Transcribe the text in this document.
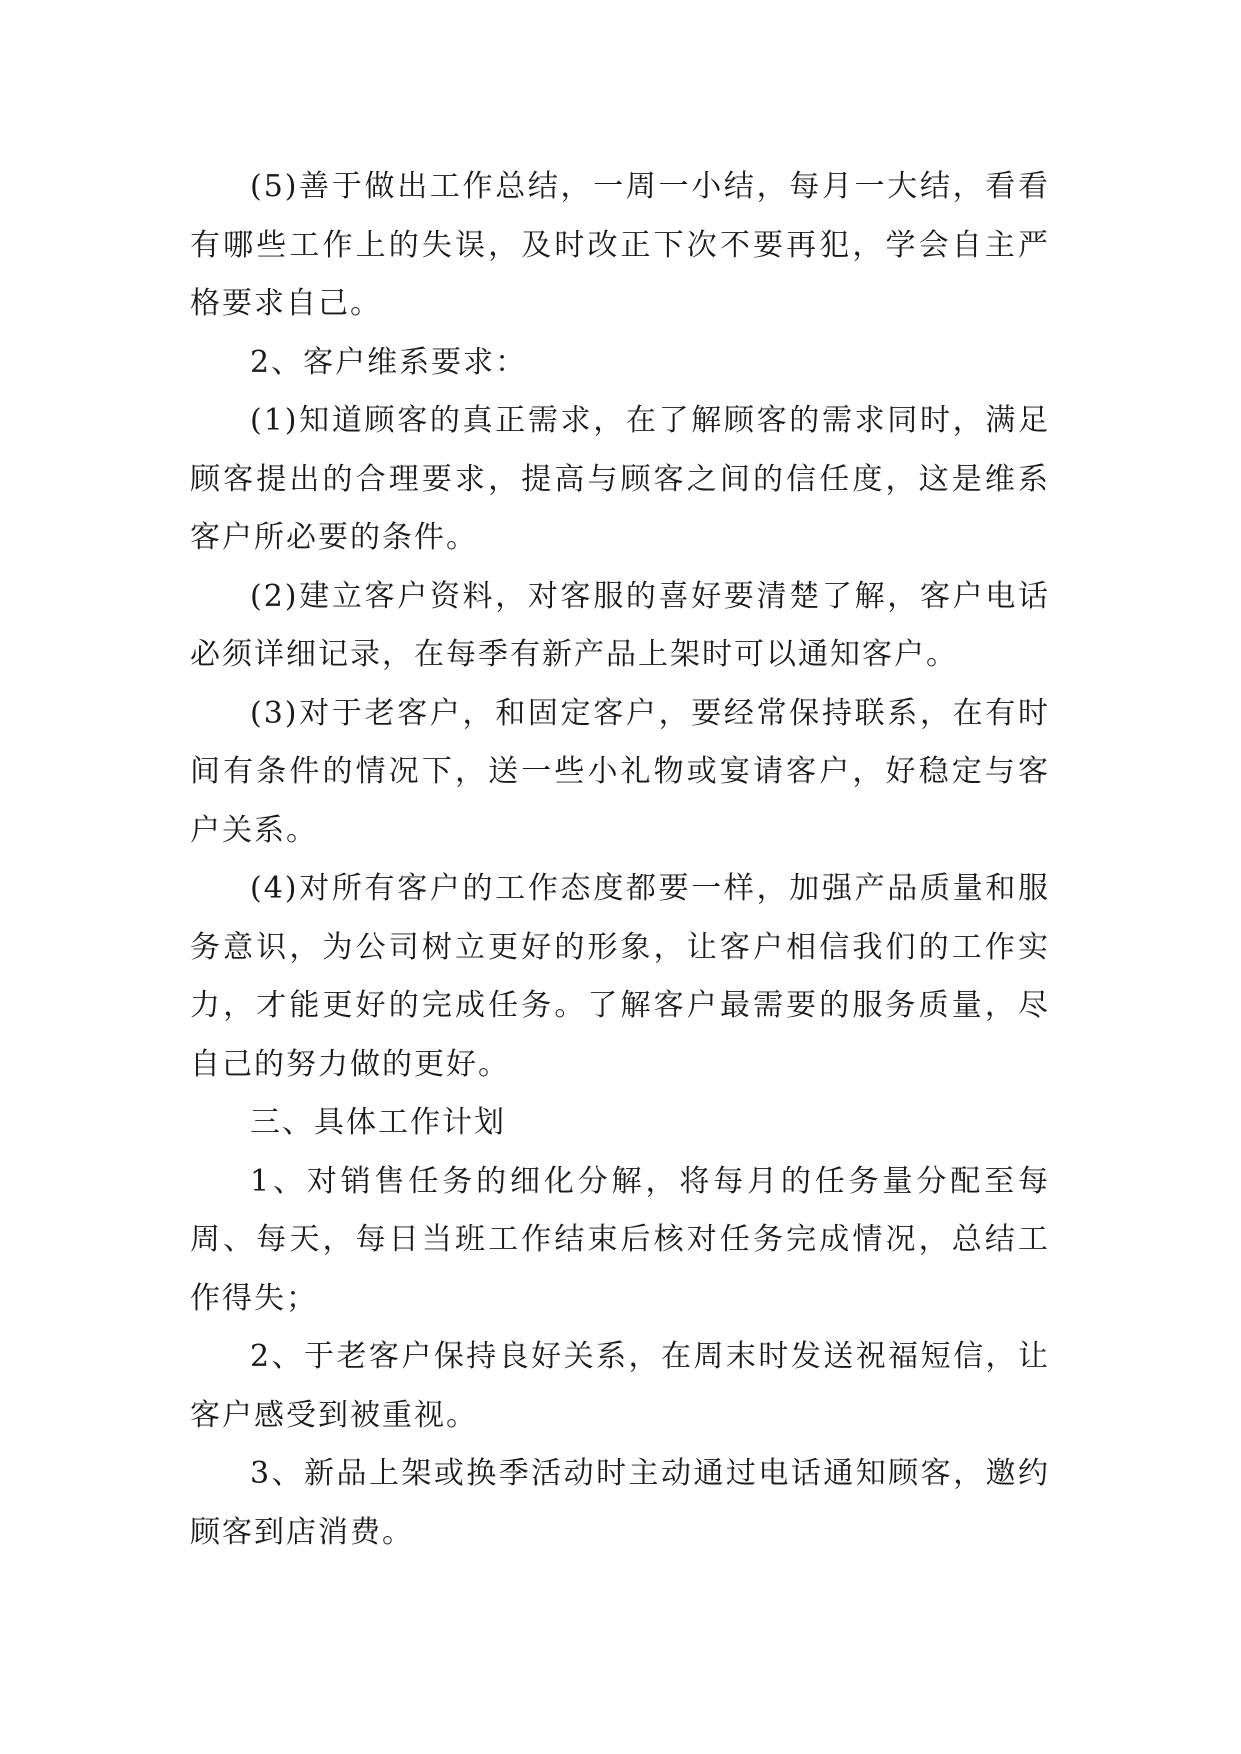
(5)善于做出工作总结，一周一小结，每月一大结，看看有哪些工作上的失误，及时改正下次不要再犯，学会自主严格要求自己。

2、客户维系要求：

(1)知道顾客的真正需求，在了解顾客的需求同时，满足顾客提出的合理要求，提高与顾客之间的信任度，这是维系客户所必要的条件。

(2)建立客户资料，对客服的喜好要清楚了解，客户电话必须详细记录，在每季有新产品上架时可以通知客户。

(3)对于老客户，和固定客户，要经常保持联系，在有时间有条件的情况下，送一些小礼物或宴请客户，好稳定与客户关系。

(4)对所有客户的工作态度都要一样，加强产品质量和服务意识，为公司树立更好的形象，让客户相信我们的工作实力，才能更好的完成任务。了解客户最需要的服务质量，尽自己的努力做的更好。

三、具体工作计划

1、对销售任务的细化分解，将每月的任务量分配至每周、每天，每日当班工作结束后核对任务完成情况，总结工作得失；

2、于老客户保持良好关系，在周末时发送祝福短信，让客户感受到被重视。

3、新品上架或换季活动时主动通过电话通知顾客，邀约顾客到店消费。
